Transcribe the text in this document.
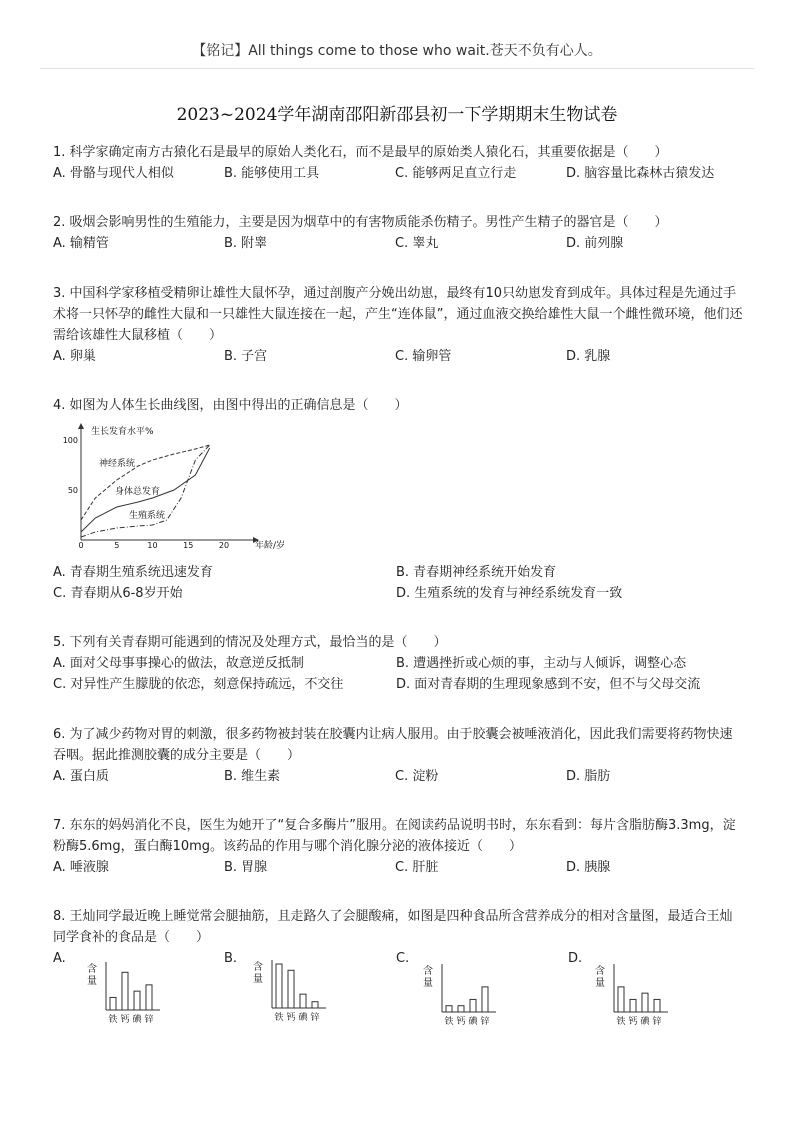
【铭记】All things come to those who wait.苍天不负有心人。
2023~2024学年湖南邵阳新邵县初一下学期期末生物试卷

1. 科学家确定南方古猿化石是最早的原始人类化石，而不是最早的原始类人猿化石，其重要依据是（　　）

A. 骨骼与现代人相似	B. 能够使用工具	C. 能够两足直立行走	D. 脑容量比森林古猿发达

2. 吸烟会影响男性的生殖能力，主要是因为烟草中的有害物质能杀伤精子。男性产生精子的器官是（　　）

A. 输精管	B. 附睾	C. 睾丸	D. 前列腺

3. 中国科学家移植受精卵让雄性大鼠怀孕，通过剖腹产分娩出幼崽，最终有10只幼崽发育到成年。具体过程是先通过手术将一只怀孕的雌性大鼠和一只雄性大鼠连接在一起，产生“连体鼠”，通过血液交换给雄性大鼠一个雌性微环境，他们还需给该雄性大鼠移植（　　）

A. 卵巢	B. 子宫	C. 输卵管	D. 乳腺

4. 如图为人体生长曲线图，由图中得出的正确信息是（　　）

生长发育水平%
年龄/岁
0	5	10	15	20
50
100
神经系统
身体总发育
生殖系统
A. 青春期生殖系统迅速发育	B. 青春期神经系统开始发育
C. 青春期从6-8岁开始	D. 生殖系统的发育与神经系统发育一致

5. 下列有关青春期可能遇到的情况及处理方式，最恰当的是（　　）

A. 面对父母事事操心的做法，故意逆反抵制	B. 遭遇挫折或心烦的事，主动与人倾诉，调整心态
C. 对异性产生朦胧的依恋，刻意保持疏远，不交往	D. 面对青春期的生理现象感到不安，但不与父母交流

6. 为了减少药物对胃的刺激，很多药物被封装在胶囊内让病人服用。由于胶囊会被唾液消化，因此我们需要将药物快速吞咽。据此推测胶囊的成分主要是（　　）

A. 蛋白质	B. 维生素	C. 淀粉	D. 脂肪

7. 东东的妈妈消化不良，医生为她开了“复合多酶片”服用。在阅读药品说明书时，东东看到：每片含脂肪酶3.3mg，淀粉酶5.6mg，蛋白酶10mg。该药品的作用与哪个消化腺分泌的液体接近（　　）

A. 唾液腺	B. 胃腺	C. 肝脏	D. 胰腺

8. 王灿同学最近晚上睡觉常会腿抽筋，且走路久了会腿酸痛，如图是四种食品所含营养成分的相对含量图，最适合王灿同学食补的食品是（　　）

A.	B.	C.	D.
含
量
铁 钙 碘 锌
含
量
铁 钙 碘 锌
含
量
铁 钙 碘 锌
含
量
铁 钙 碘 锌
